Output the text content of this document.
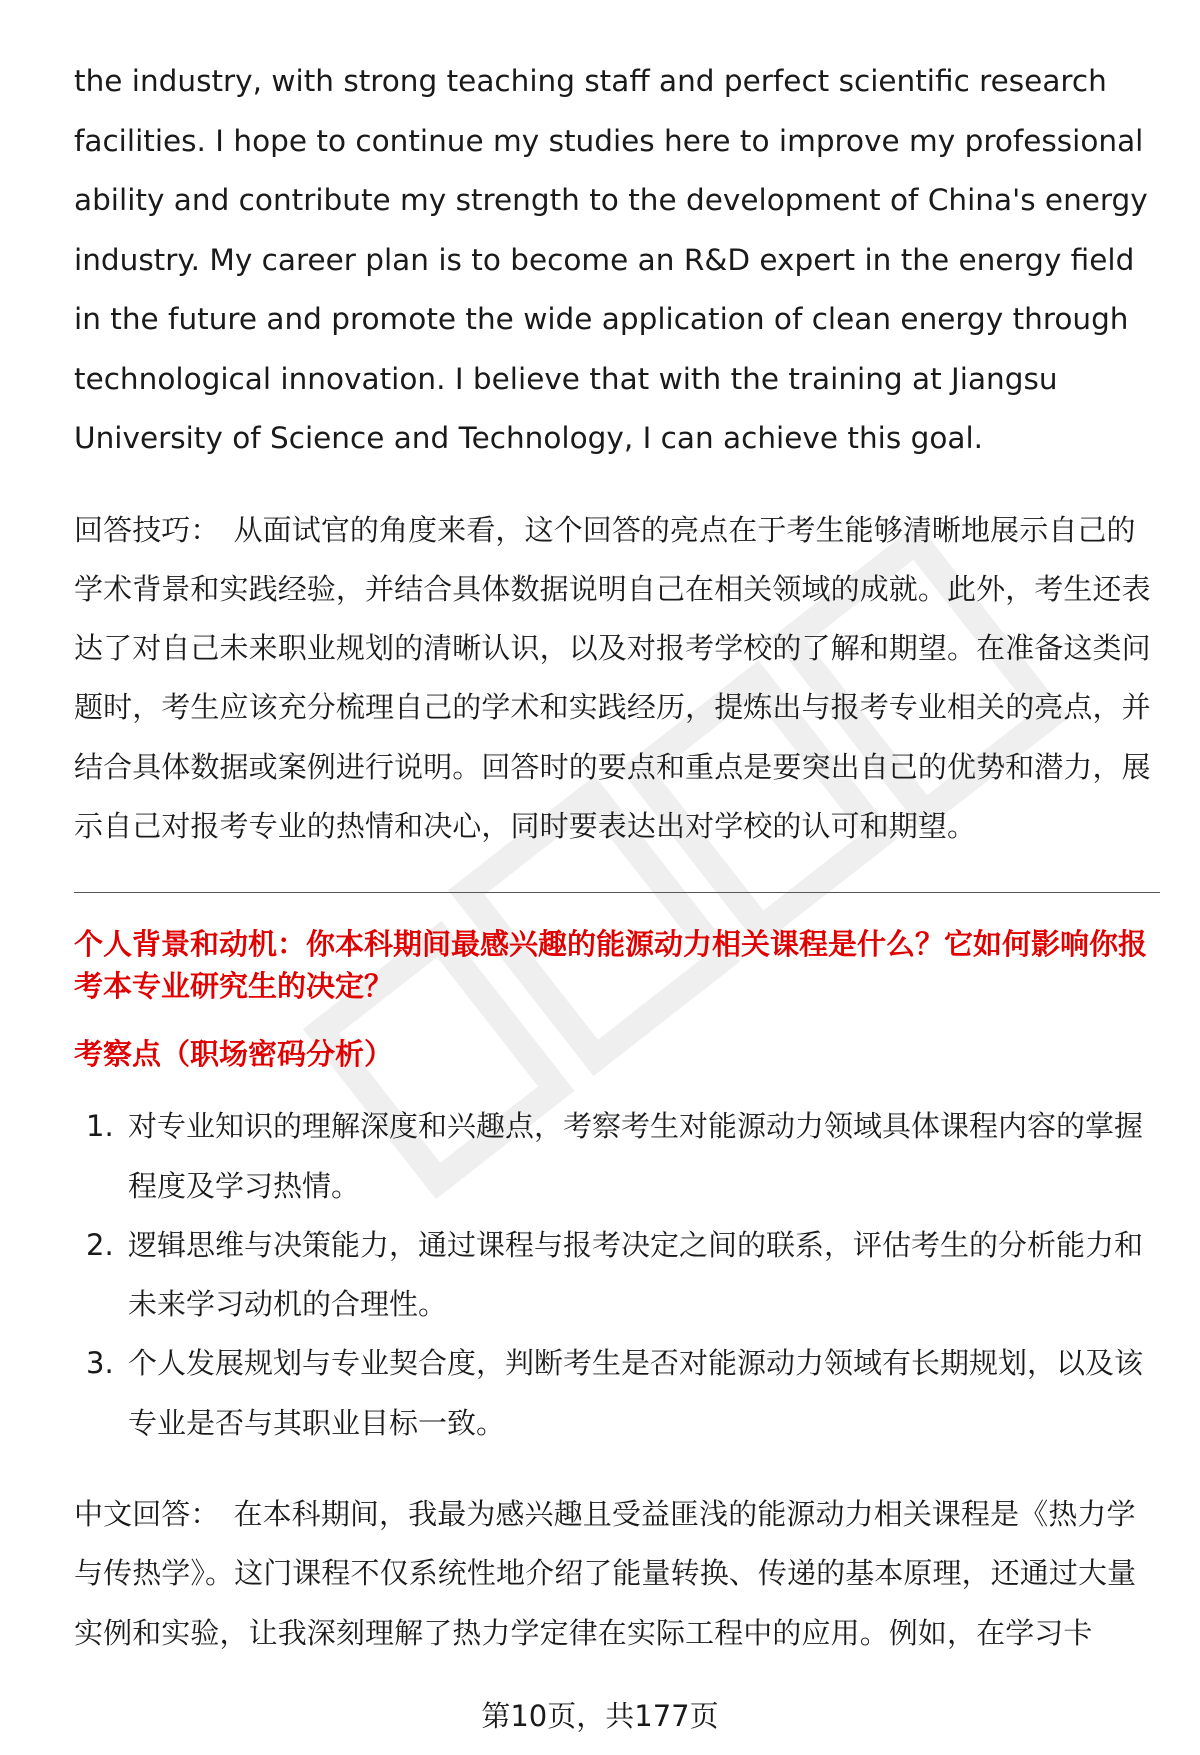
the industry, with strong teaching staff and perfect scientific research facilities. I hope to continue my studies here to improve my professional ability and contribute my strength to the development of China's energy industry. My career plan is to become an R&D expert in the energy field in the future and promote the wide application of clean energy through technological innovation. I believe that with the training at Jiangsu University of Science and Technology, I can achieve this goal.

回答技巧： 从面试官的角度来看，这个回答的亮点在于考生能够清晰地展示自己的学术背景和实践经验，并结合具体数据说明自己在相关领域的成就。此外，考生还表达了对自己未来职业规划的清晰认识，以及对报考学校的了解和期望。在准备这类问题时，考生应该充分梳理自己的学术和实践经历，提炼出与报考专业相关的亮点，并结合具体数据或案例进行说明。回答时的要点和重点是要突出自己的优势和潜力，展示自己对报考专业的热情和决心，同时要表达出对学校的认可和期望。

个人背景和动机：你本科期间最感兴趣的能源动力相关课程是什么？它如何影响你报考本专业研究生的决定？

考察点（职场密码分析）

1. 对专业知识的理解深度和兴趣点，考察考生对能源动力领域具体课程内容的掌握程度及学习热情。
2. 逻辑思维与决策能力，通过课程与报考决定之间的联系，评估考生的分析能力和未来学习动机的合理性。
3. 个人发展规划与专业契合度，判断考生是否对能源动力领域有长期规划，以及该专业是否与其职业目标一致。

中文回答： 在本科期间，我最为感兴趣且受益匪浅的能源动力相关课程是《热力学与传热学》。这门课程不仅系统性地介绍了能量转换、传递的基本原理，还通过大量实例和实验，让我深刻理解了热力学定律在实际工程中的应用。例如，在学习卡

第10页，共177页
